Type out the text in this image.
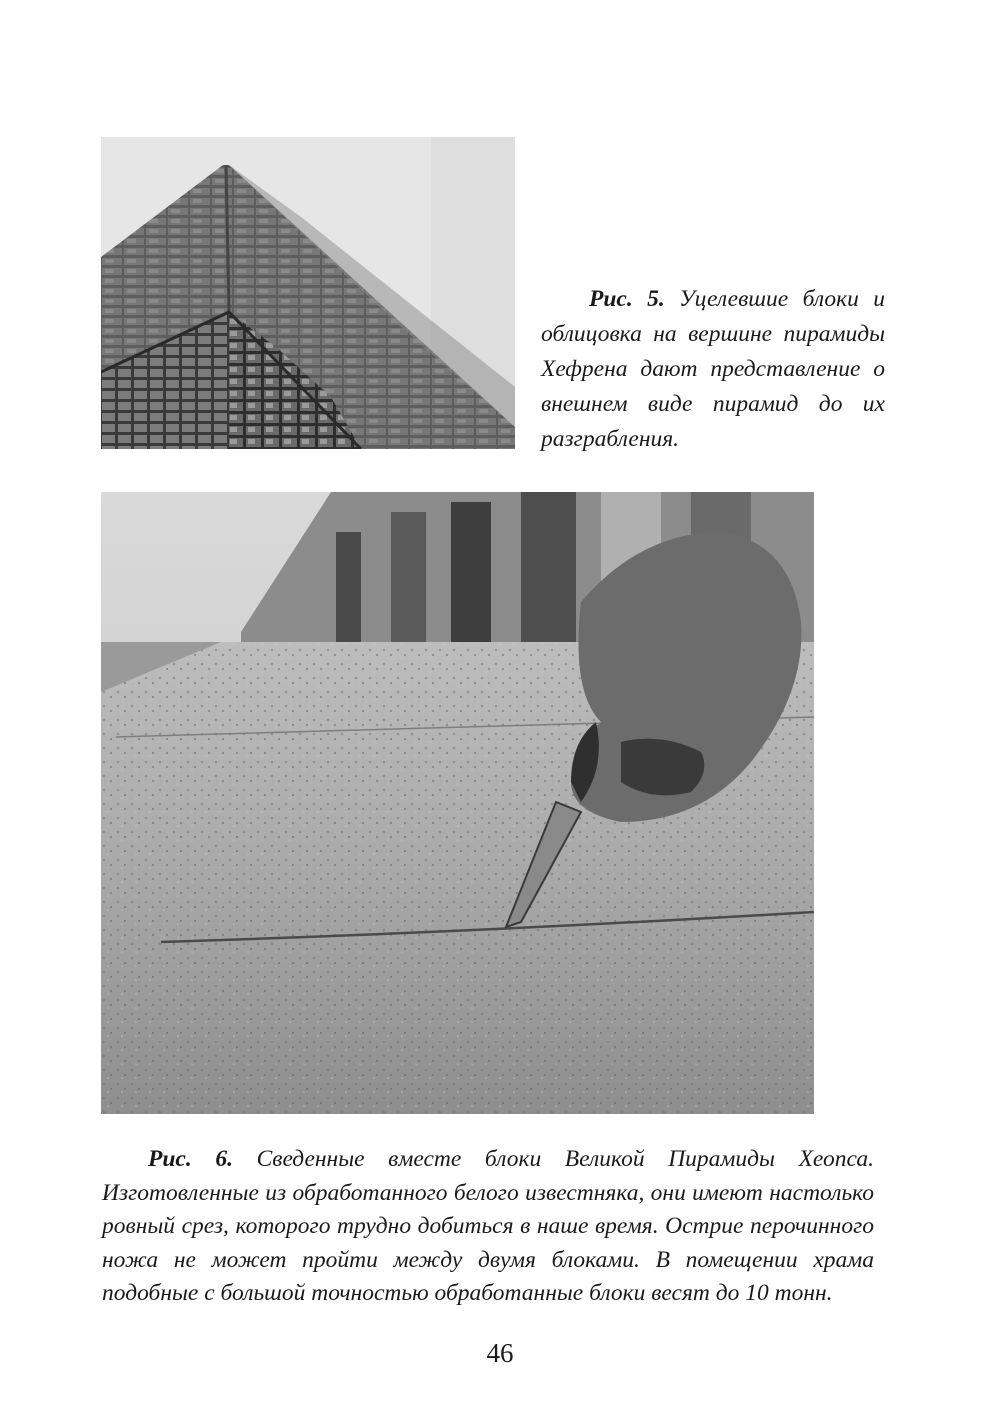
Рис. 5. Уцелевшие блоки и облицовка на вершине пирамиды Хефрена дают представление о внешнем виде пирамид до их разграбления.

Рис. 6. Сведенные вместе блоки Великой Пирамиды Хеопса. Изготовленные из обработанного белого известняка, они имеют настолько ровный срез, которого трудно добиться в наше время. Острие перочинного ножа не может пройти между двумя блоками. В помещении храма подобные с большой точностью обработанные блоки весят до 10 тонн.

46
